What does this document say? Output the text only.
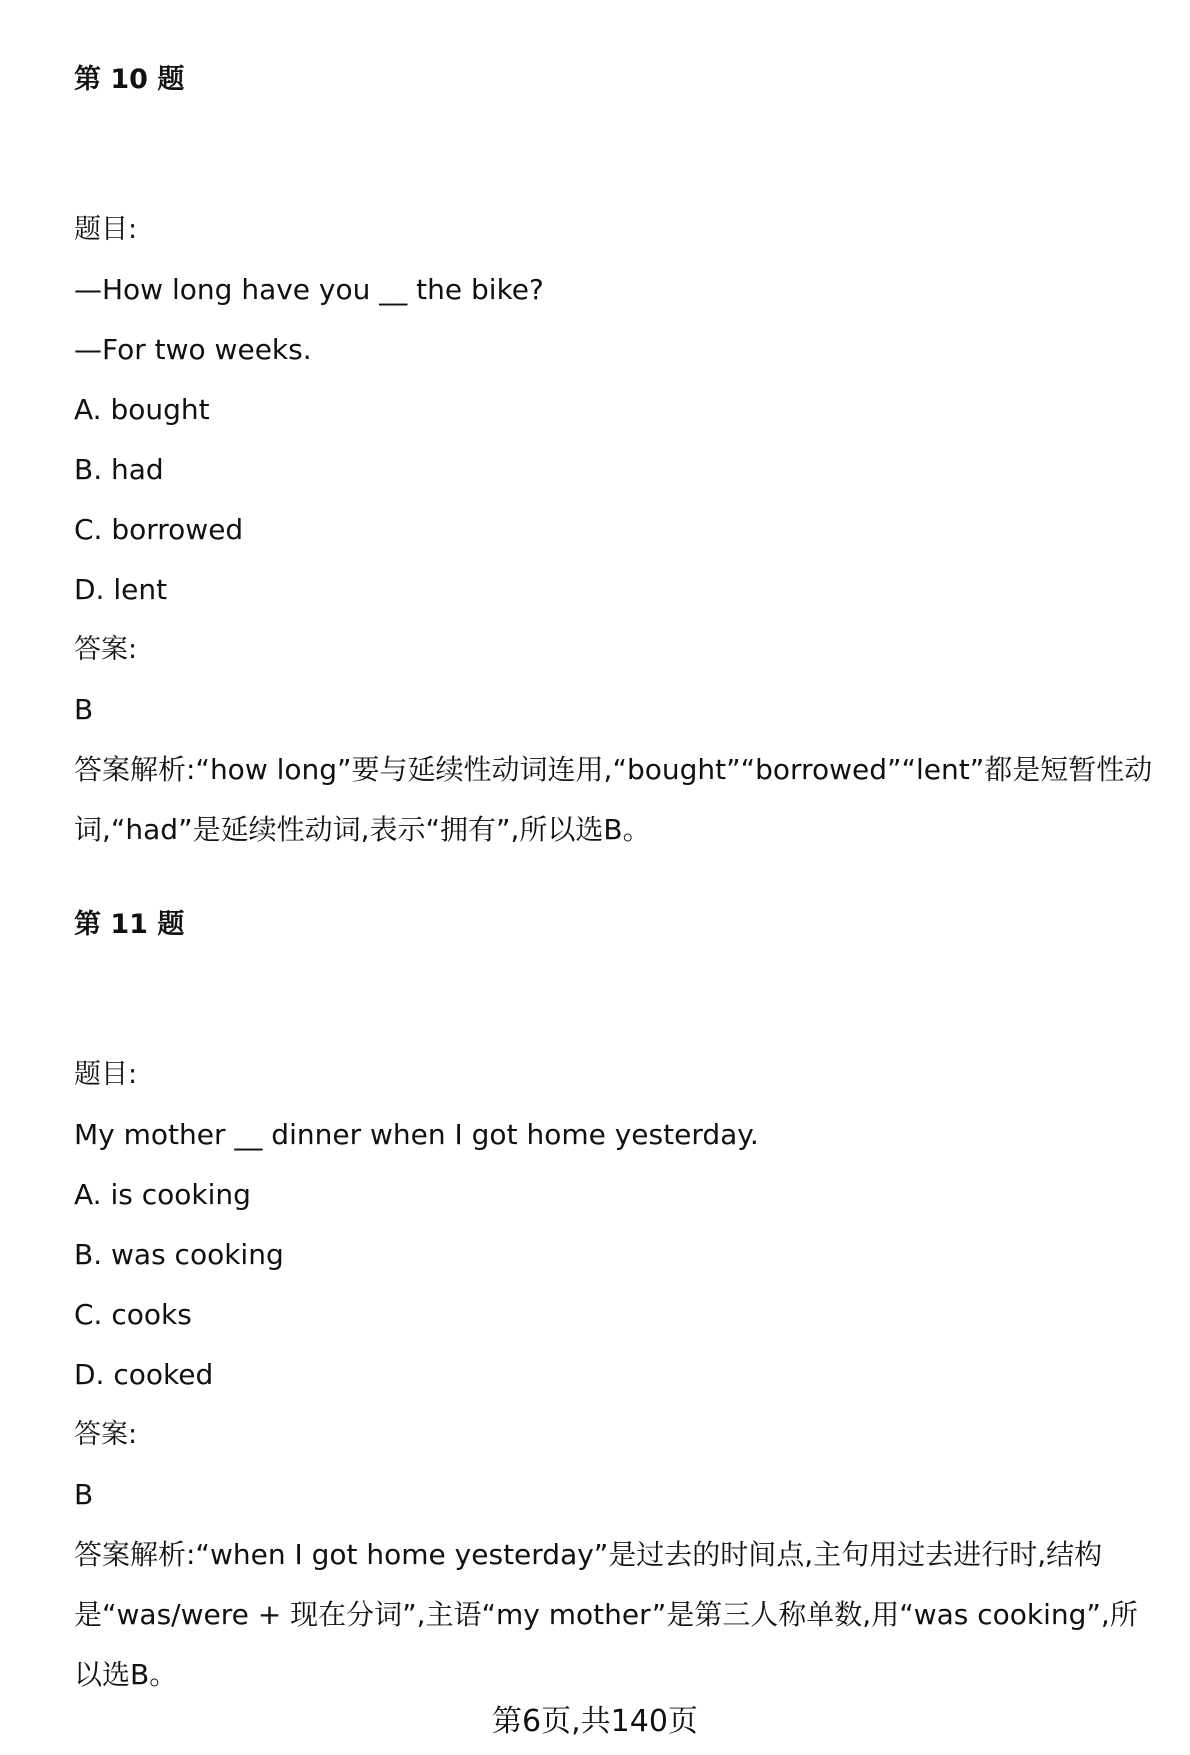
第 10 题

题目:

—How long have you __ the bike?

—For two weeks.

A. bought

B. had

C. borrowed

D. lent

答案:

B

答案解析:“how long”要与延续性动词连用,“bought”“borrowed”“lent”都是短暂性动词,“had”是延续性动词,表示“拥有”,所以选B。

第 11 题

题目:

My mother __ dinner when I got home yesterday.

A. is cooking

B. was cooking

C. cooks

D. cooked

答案:

B

答案解析:“when I got home yesterday”是过去的时间点,主句用过去进行时,结构是“was/were + 现在分词”,主语“my mother”是第三人称单数,用“was cooking”,所以选B。

第6页,共140页
